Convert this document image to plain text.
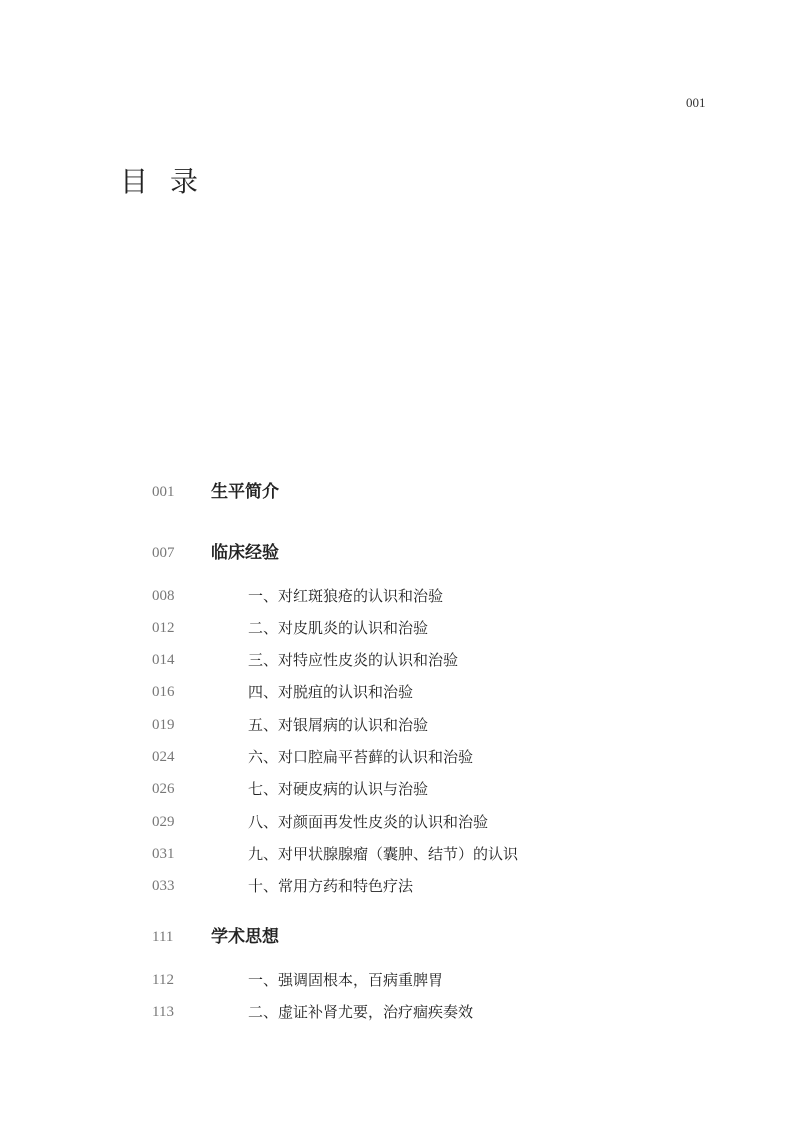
001
目录
001 生平简介
007 临床经验
008	一、对红斑狼疮的认识和治验
012	二、对皮肌炎的认识和治验
014	三、对特应性皮炎的认识和治验
016	四、对脱疽的认识和治验
019	五、对银屑病的认识和治验
024	六、对口腔扁平苔藓的认识和治验
026	七、对硬皮病的认识与治验
029	八、对颜面再发性皮炎的认识和治验
031	九、对甲状腺腺瘤（囊肿、结节）的认识
033	十、常用方药和特色疗法
111 学术思想
112	一、强调固根本，百病重脾胃
113	二、虚证补肾尤要，治疗痼疾奏效
